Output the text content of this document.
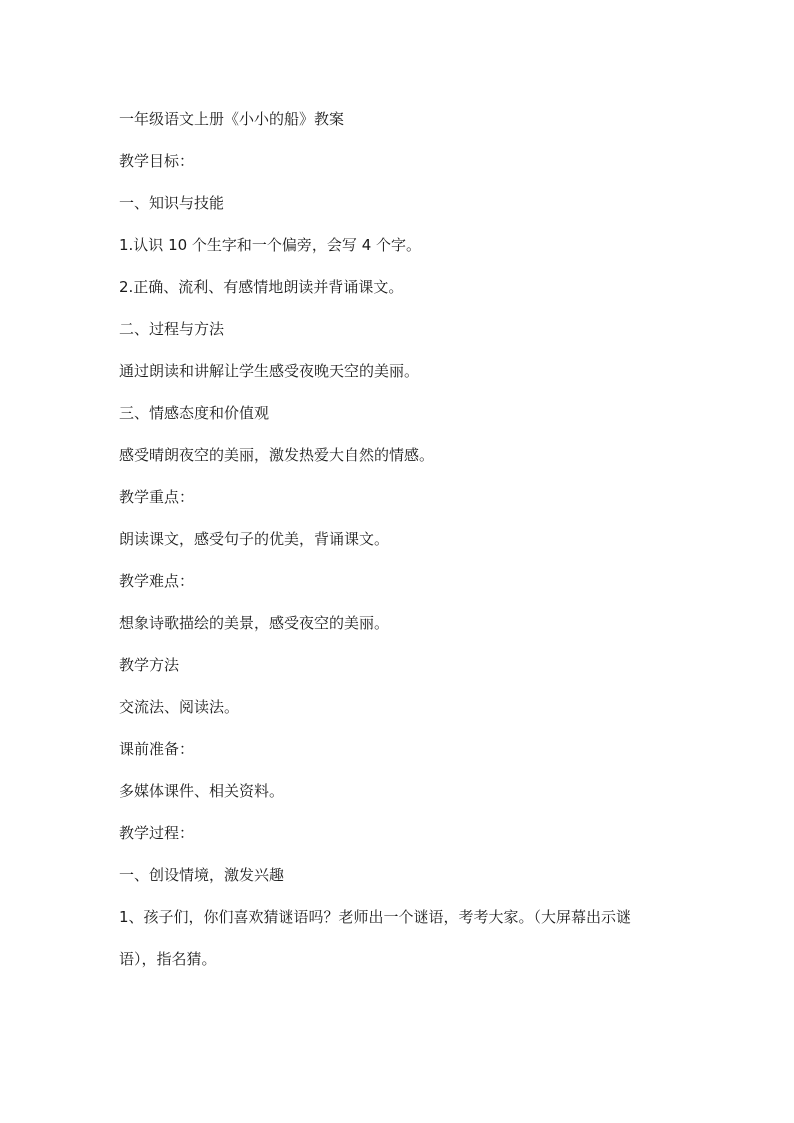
一年级语文上册《小小的船》教案
教学目标：
一、知识与技能
1.认识 10 个生字和一个偏旁，会写 4 个字。
2.正确、流利、有感情地朗读并背诵课文。
二、过程与方法
通过朗读和讲解让学生感受夜晚天空的美丽。
三、情感态度和价值观
感受晴朗夜空的美丽，激发热爱大自然的情感。
教学重点：
朗读课文，感受句子的优美，背诵课文。
教学难点：
想象诗歌描绘的美景，感受夜空的美丽。
教学方法
交流法、阅读法。
课前准备：
多媒体课件、相关资料。
教学过程：
一、创设情境，激发兴趣
1、孩子们，你们喜欢猜谜语吗？老师出一个谜语，考考大家。（大屏幕出示谜
语），指名猜。
